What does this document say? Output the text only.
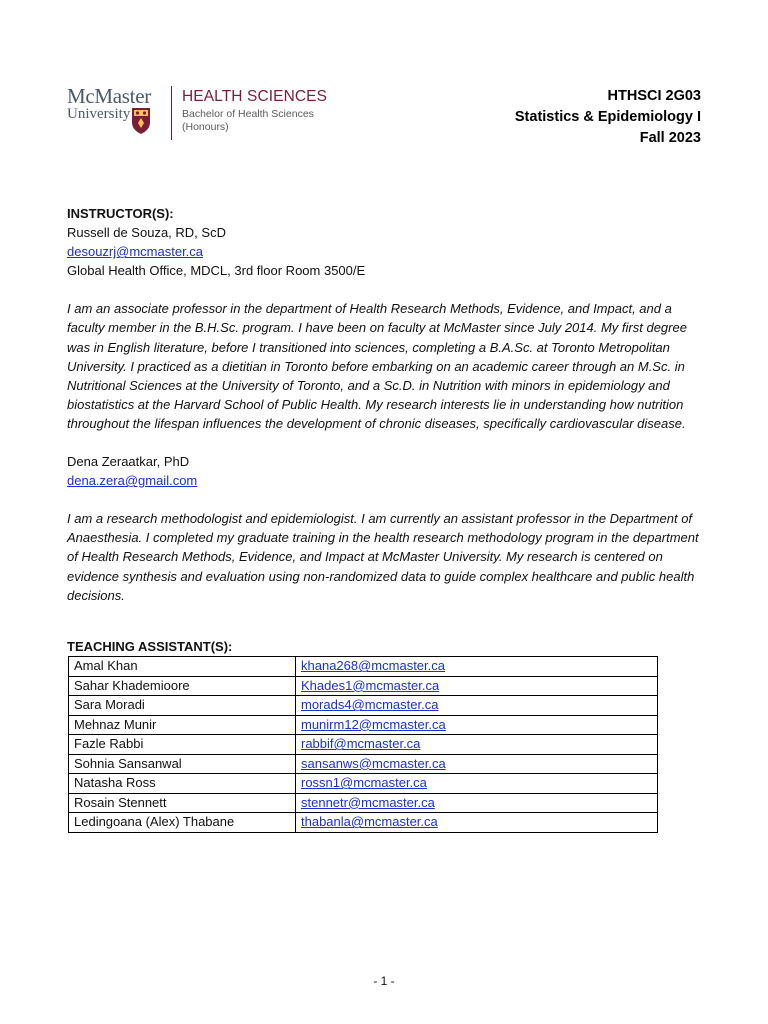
McMaster
University
HEALTH SCIENCES
Bachelor of Health Sciences
(Honours)
HTHSCI 2G03
Statistics & Epidemiology I
Fall 2023

INSTRUCTOR(S):

Russell de Souza, RD, ScD

desouzrj@mcmaster.ca

Global Health Office, MDCL, 3rd floor Room 3500/E

I am an associate professor in the department of Health Research Methods, Evidence, and Impact, and a faculty member in the B.H.Sc. program. I have been on faculty at McMaster since July 2014. My first degree was in English literature, before I transitioned into sciences, completing a B.A.Sc. at Toronto Metropolitan University. I practiced as a dietitian in Toronto before embarking on an academic career through an M.Sc. in Nutritional Sciences at the University of Toronto, and a Sc.D. in Nutrition with minors in epidemiology and biostatistics at the Harvard School of Public Health. My research interests lie in understanding how nutrition throughout the lifespan influences the development of chronic diseases, specifically cardiovascular disease.

Dena Zeraatkar, PhD

dena.zera@gmail.com

I am a research methodologist and epidemiologist. I am currently an assistant professor in the Department of Anaesthesia. I completed my graduate training in the health research methodology program in the department of Health Research Methods, Evidence, and Impact at McMaster University. My research is centered on evidence synthesis and evaluation using non-randomized data to guide complex healthcare and public health decisions.

TEACHING ASSISTANT(S):
Amal Khan	khana268@mcmaster.ca
Sahar Khademioore	Khades1@mcmaster.ca
Sara Moradi	morads4@mcmaster.ca
Mehnaz Munir	munirm12@mcmaster.ca
Fazle Rabbi	rabbif@mcmaster.ca
Sohnia Sansanwal	sansanws@mcmaster.ca
Natasha Ross	rossn1@mcmaster.ca
Rosain Stennett	stennetr@mcmaster.ca
Ledingoana (Alex) Thabane	thabanla@mcmaster.ca
- 1 -
